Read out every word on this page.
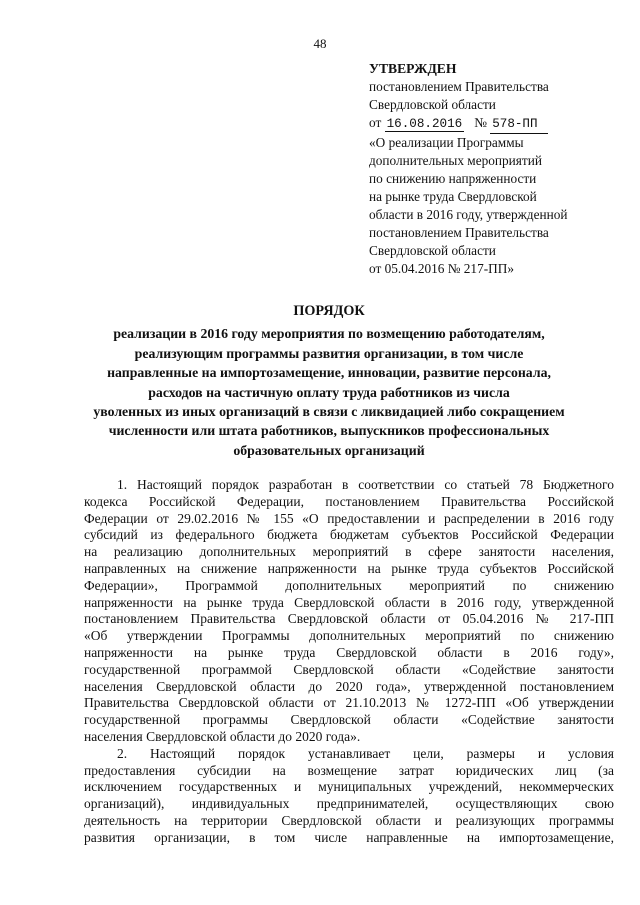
48
УТВЕРЖДЕН
постановлением Правительства
Свердловской области
от 16.08.2016 № 578-ПП
«О реализации Программы
дополнительных мероприятий
по снижению напряженности
на рынке труда Свердловской
области в 2016 году, утвержденной
постановлением Правительства
Свердловской области
от 05.04.2016 № 217-ПП»
ПОРЯДОК
реализации в 2016 году мероприятия по возмещению работодателям,
реализующим программы развития организации, в том числе
направленные на импортозамещение, инновации, развитие персонала,
расходов на частичную оплату труда работников из числа
уволенных из иных организаций в связи с ликвидацией либо сокращением
численности или штата работников, выпускников профессиональных
образовательных организаций
1. Настоящий порядок разработан в соответствии со статьей 78 Бюджетного
кодекса Российской Федерации, постановлением Правительства Российской
Федерации от 29.02.2016 № 155 «О предоставлении и распределении в 2016 году
субсидий из федерального бюджета бюджетам субъектов Российской Федерации
на реализацию дополнительных мероприятий в сфере занятости населения,
направленных на снижение напряженности на рынке труда субъектов Российской
Федерации», Программой дополнительных мероприятий по снижению
напряженности на рынке труда Свердловской области в 2016 году, утвержденной
постановлением Правительства Свердловской области от 05.04.2016 № 217-ПП
«Об утверждении Программы дополнительных мероприятий по снижению
напряженности на рынке труда Свердловской области в 2016 году»,
государственной программой Свердловской области «Содействие занятости
населения Свердловской области до 2020 года», утвержденной постановлением
Правительства Свердловской области от 21.10.2013 № 1272-ПП «Об утверждении
государственной программы Свердловской области «Содействие занятости
населения Свердловской области до 2020 года».
2. Настоящий порядок устанавливает цели, размеры и условия
предоставления субсидии на возмещение затрат юридических лиц (за
исключением государственных и муниципальных учреждений, некоммерческих
организаций), индивидуальных предпринимателей, осуществляющих свою
деятельность на территории Свердловской области и реализующих программы
развития организации, в том числе направленные на импортозамещение,
